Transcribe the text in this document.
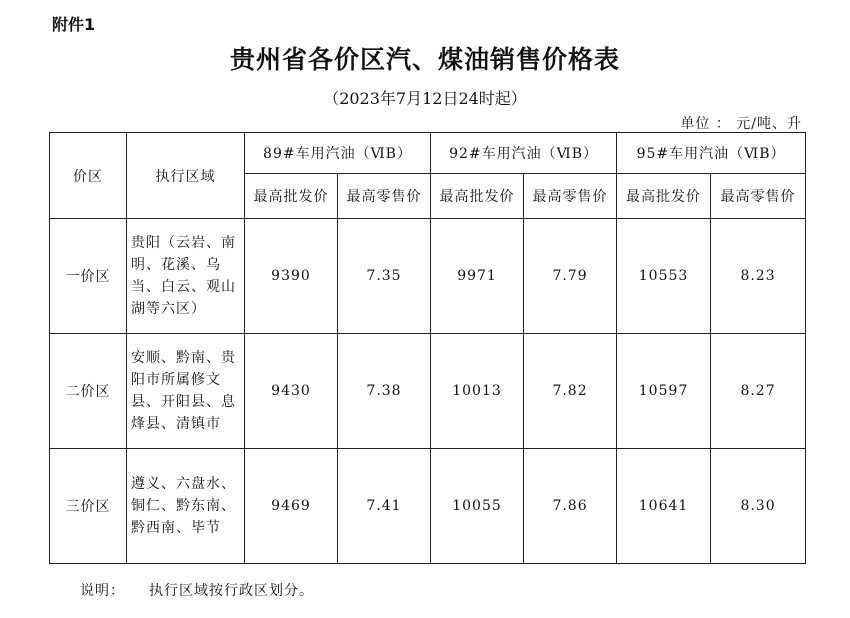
附件1
贵州省各价区汽、煤油销售价格表
（2023年7月12日24时起）
单位 ： 元/吨、升
价区	执行区域	89#车用汽油（ⅥB）		92#车用汽油（ⅥB）		95#车用汽油（ⅥB）	
		最高批发价	最高零售价	最高批发价	最高零售价	最高批发价	最高零售价
一价区	贵阳（云岩、南明、花溪、乌当、白云、观山湖等六区）	9390	7.35	9971	7.79	10553	8.23
二价区	安顺、黔南、贵阳市所属修文县、开阳县、息烽县、清镇市	9430	7.38	10013	7.82	10597	8.27
三价区	遵义、六盘水、铜仁、黔东南、黔西南、毕节	9469	7.41	10055	7.86	10641	8.30
说明： 执行区域按行政区划分。
